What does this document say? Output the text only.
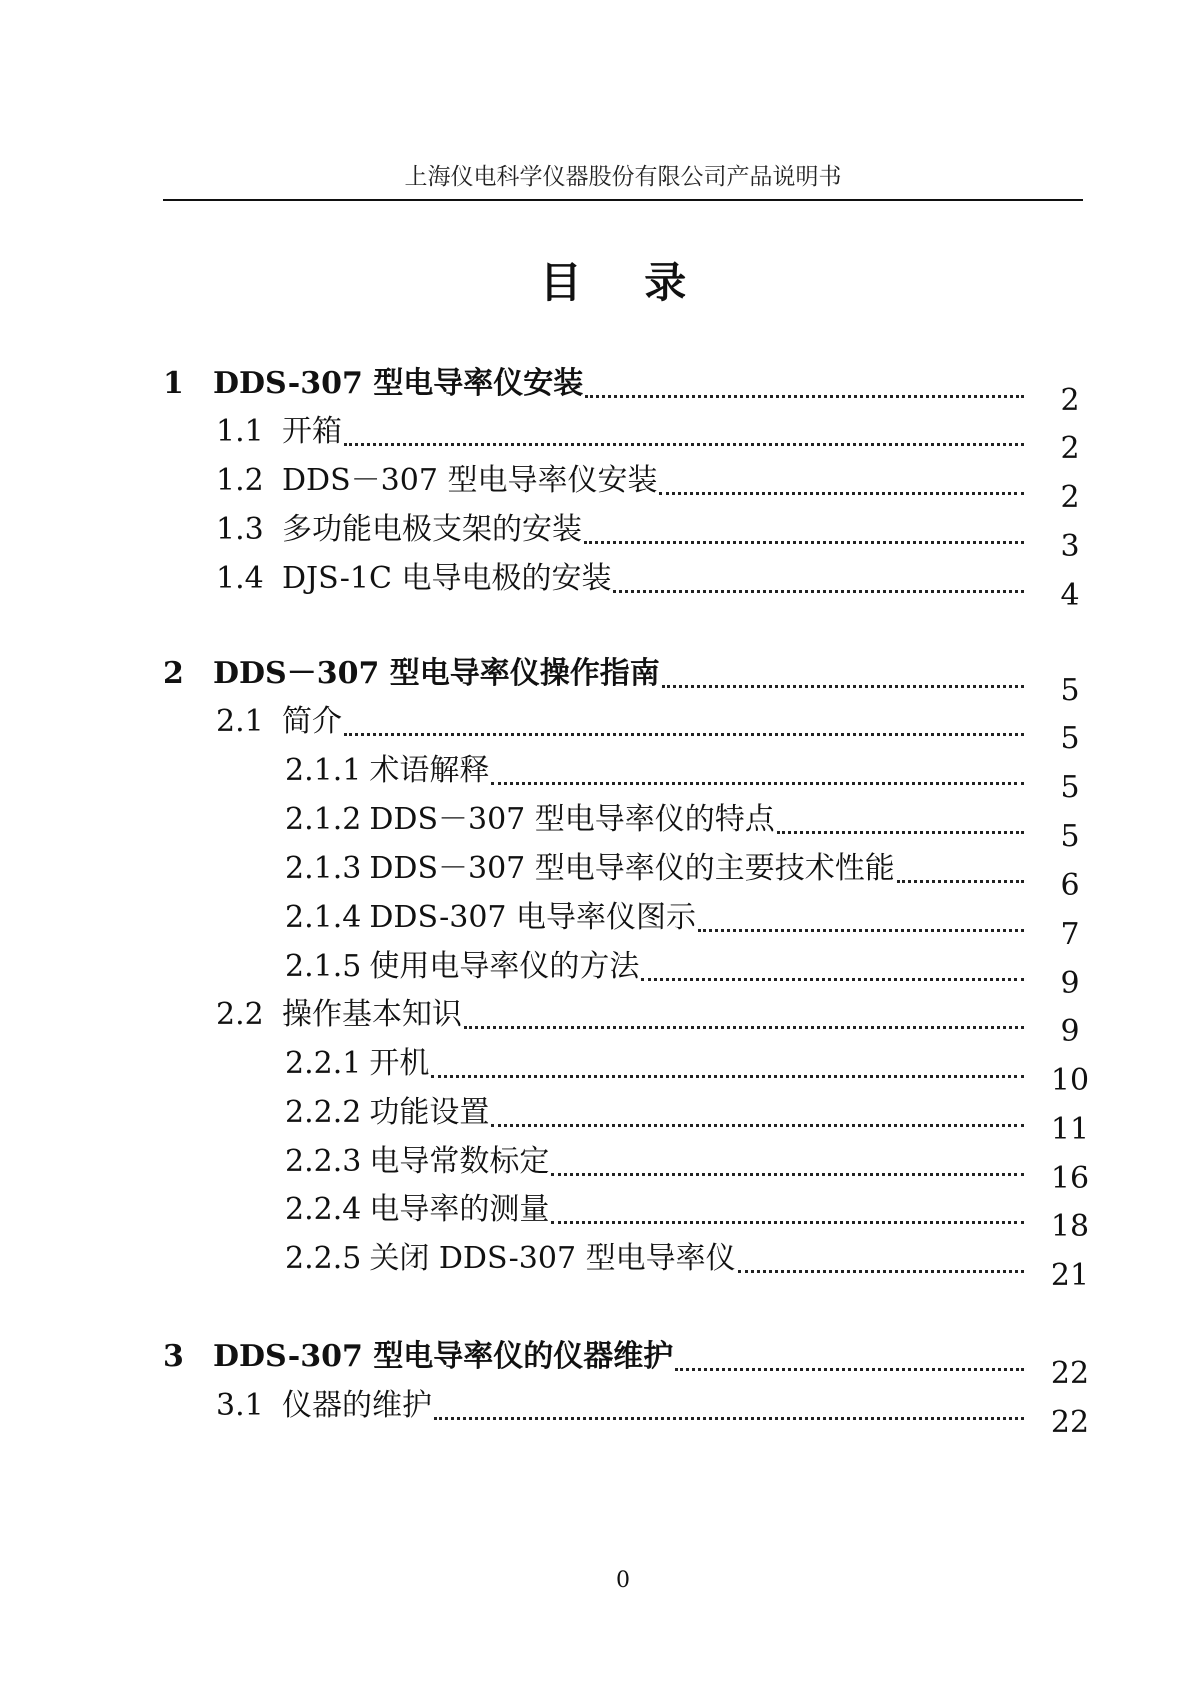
上海仪电科学仪器股份有限公司产品说明书
目 录
1 DDS-307 型电导率仪安装	2
1.1 开箱	2
1.2 DDS－307 型电导率仪安装	2
1.3 多功能电极支架的安装	3
1.4 DJS-1C 电导电极的安装	4
2 DDS－307 型电导率仪操作指南	5
2.1 简介	5
2.1.1 术语解释	5
2.1.2 DDS－307 型电导率仪的特点	5
2.1.3 DDS－307 型电导率仪的主要技术性能	6
2.1.4 DDS-307 电导率仪图示	7
2.1.5 使用电导率仪的方法	9
2.2 操作基本知识	9
2.2.1 开机	10
2.2.2 功能设置	11
2.2.3 电导常数标定	16
2.2.4 电导率的测量	18
2.2.5 关闭 DDS-307 型电导率仪	21
3 DDS-307 型电导率仪的仪器维护	22
3.1 仪器的维护	22
0
